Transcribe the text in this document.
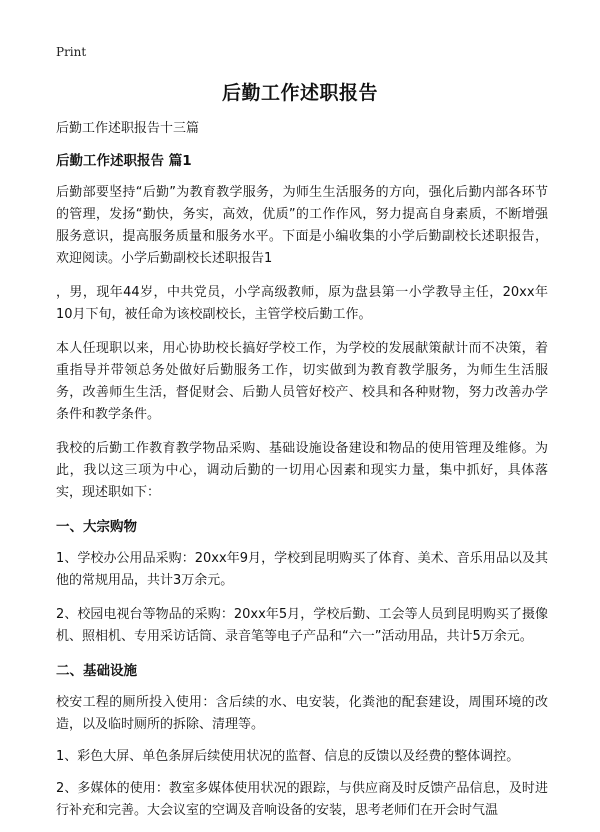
Print
后勤工作述职报告

后勤工作述职报告十三篇

后勤工作述职报告 篇1

后勤部要坚持“后勤”为教育教学服务，为师生生活服务的方向，强化后勤内部各环节的管理，发扬“勤快，务实，高效，优质”的工作作风，努力提高自身素质，不断增强服务意识，提高服务质量和服务水平。下面是小编收集的小学后勤副校长述职报告，欢迎阅读。小学后勤副校长述职报告1

，男，现年44岁，中共党员，小学高级教师，原为盘县第一小学教导主任，20xx年10月下旬，被任命为该校副校长，主管学校后勤工作。

本人任现职以来，用心协助校长搞好学校工作，为学校的发展献策献计而不决策，着重指导并带领总务处做好后勤服务工作，切实做到为教育教学服务，为师生生活服务，改善师生生活，督促财会、后勤人员管好校产、校具和各种财物，努力改善办学条件和教学条件。

我校的后勤工作教育教学物品采购、基础设施设备建设和物品的使用管理及维修。为此，我以这三项为中心，调动后勤的一切用心因素和现实力量，集中抓好，具体落实，现述职如下：

一、大宗购物

1、学校办公用品采购：20xx年9月，学校到昆明购买了体育、美术、音乐用品以及其他的常规用品，共计3万余元。

2、校园电视台等物品的采购：20xx年5月，学校后勤、工会等人员到昆明购买了摄像机、照相机、专用采访话筒、录音笔等电子产品和“六一”活动用品，共计5万余元。

二、基础设施

校安工程的厕所投入使用：含后续的水、电安装，化粪池的配套建设，周围环境的改造，以及临时厕所的拆除、清理等。

1、彩色大屏、单色条屏后续使用状况的监督、信息的反馈以及经费的整体调控。

2、多媒体的使用：教室多媒体使用状况的跟踪，与供应商及时反馈产品信息，及时进行补充和完善。大会议室的空调及音响设备的安装，思考老师们在开会时气温
